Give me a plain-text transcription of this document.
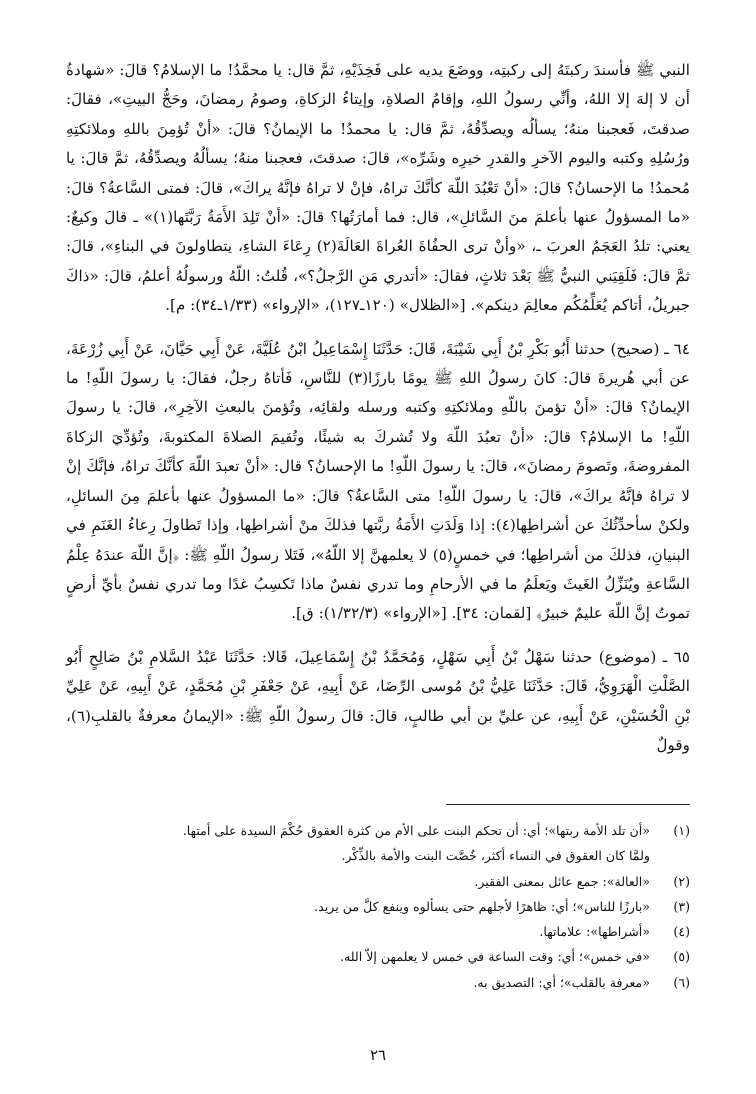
النبي ﷺ فأسندَ ركبتَهُ إلى ركبتِه، ووضَعَ يديه على فَخِذَيْهِ، ثمَّ قال: يا محمَّدُ! ما الإسلامُ؟ قالَ: «شهادةُ أن لا إلهَ إلا اللهُ، وأنِّي رسولُ اللهِ، وإقامُ الصلاةِ، وإيتاءُ الزكاةِ، وصومُ رمضانَ، وحَجُّ البيتِ»، فقالَ: صدقتَ، فَعجبنا منهُ؛ يسألُه ويصدِّقُهُ، ثمَّ قال: يا محمدُ! ما الإيمانُ؟ قالَ: «أنْ تُؤمِنَ باللهِ وملائكتِهِ ورُسُلِهِ وكتبه واليوم الآخرِ والقدرِ خيرِه وشَرِّه»، قالَ: صدقتَ، فعجبنا منهُ؛ يسألُهُ ويصدِّقُهُ، ثمَّ قالَ: يا مُحمدُ! ما الإحسانُ؟ قالَ: «أنْ تَعْبُدَ اللّهَ كأنَّكَ تراهُ، فإنْ لا تراهُ فإنَّهُ يراكَ»، قالَ: فمتى السَّاعةُ؟ قالَ: «ما المسؤولُ عنها بأعلمَ منَ السَّائلِ»، قال: فما أمارَتُها؟ قالَ: «أنْ تَلِدَ الأَمَةُ رَبَّتَها(١)» ـ قالَ وكيعٌ: يعني: تلدُ العَجَمُ العربَ ـ، «وأنْ ترى الحفُاةَ العُراةَ العَالَةَ(٢) رِعَاءَ الشاءِ، يتطاولونَ في البناءِ»، قالَ: ثمَّ قالَ: فَلَقِيَني النبيُّ ﷺ بَعْدَ ثلاثٍ، فقالَ: «أتدري مَنِ الرَّجلُ؟»، قُلتُ: اللّهُ ورسولُهُ أعلمُ، قالَ: «ذاكَ جبريلُ، أتاكم يُعَلِّمُكُم معالِمَ دينكم». [«الظلال» (١٢٠ـ١٢٧)، «الإرواء» (١/٣٣ـ٣٤): م].

٦٤ ـ (صحيح) حدثنا أَبُو بَكْرِ بْنُ أَبِي شَيْبَةَ، قَالَ: حَدَّثَنَا إِسْمَاعِيلُ ابْنُ عُلَيَّةَ، عَنْ أَبِي حَيَّانَ، عَنْ أَبِي زُرْعَةَ، عن أبي هُريرةَ قالَ: كانَ رسولُ اللهِ ﷺ يومًا بارزًا(٣) للنَّاسِ، فَأتاهُ رجلٌ، فقالَ: يا رسولَ اللّهِ! ما الإيمانُ؟ قالَ: «أنْ تؤمنَ باللّهِ وملائكتِهِ وكتبه ورسله ولقائِه، وتُؤمنَ بالبعثِ الآخِرِ»، قالَ: يا رسولَ اللّهِ! ما الإسلامُ؟ قالَ: «أنْ تعبُدَ اللّهَ ولا تُشركَ به شيئًا، وتُقيمَ الصلاةَ المكتوبةَ، وتُؤدِّيَ الزكاةَ المفروضةَ، وتَصومَ رمضانَ»، قالَ: يا رسولَ اللّهِ! ما الإحسانُ؟ قال: «أنْ تعبدَ اللّهَ كأنَّكَ تراهُ، فإنَّكَ إنْ لا تراهُ فإنَّهُ يراكَ»، قالَ: يا رسولَ اللّهِ! متى السَّاعةُ؟ قالَ: «ما المسؤولُ عنها بأعلمَ مِنَ السائلِ، ولكنْ سأحدِّثُكَ عن أشراطِها(٤): إذا وَلَدَتِ الأَمَةُ ربَّتها فذلكَ منْ أشراطِها، وإذا تَطاولَ رِعاءُ الغَنَمِ في البنيانِ، فذلكَ من أشراطِها؛ في خمسٍ(٥) لا يعلمهنَّ إلا اللّهُ»، فَتَلا رسولُ اللّهِ ﷺ: ﴿إنَّ اللّهَ عندَهُ عِلْمُ السَّاعةِ ويُنَزِّلُ الغَيثَ ويَعلَمُ ما في الأرحامِ وما تدري نفسٌ ماذا تَكسِبُ غدًا وما تدري نفسٌ بأيِّ أرضٍ تموتُ إنَّ اللّهَ عليمٌ خبيرٌ﴾ [لقمان: ٣٤]. [«الإرواء» (١/٣٢/٣): ق].

٦٥ ـ (موضوع) حدثنا سَهْلُ بْنُ أَبِي سَهْلٍ، وَمُحَمَّدُ بْنُ إِسْمَاعِيلَ، قَالا: حَدَّثَنَا عَبْدُ السَّلامِ بْنُ صَالِحٍ أَبُو الصَّلْتِ الْهَرَوِيُّ، قَالَ: حَدَّثَنَا عَلِيُّ بْنُ مُوسى الرِّضَا، عَنْ أَبِيهِ، عَنْ جَعْفَرِ بْنِ مُحَمَّدٍ، عَنْ أَبِيهِ، عَنْ عَلِيِّ بْنِ الْحُسَيْنِ، عَنْ أَبِيهِ، عن عليِّ بن أبي طالبٍ، قالَ: قالَ رسولُ اللّهِ ﷺ: «الإيمانُ معرفةٌ بالقلبِ(٦)، وقولٌ

(١)
«أن تلد الأمة ربتها»؛ أي: أن تحكم البنت على الأم من كثرة العقوق حُكْمَ السيدة على أمتها.
ولمَّا كان العقوق في النساء أكثر، خُصَّت البنت والأمة بالذِّكْر.
(٢)
«العالة»: جمع عائل بمعنى الفقير.
(٣)
«بارزًا للناس»؛ أي: ظاهرًا لأجلهم حتى يسألوه وينفع كلَّ من يريد.
(٤)
«أشراطها»: علاماتها.
(٥)
«في خمس»؛ أي: وقت الساعة في خمس لا يعلمهن إلاّ الله.
(٦)
«معرفة بالقلب»؛ أي: التصديق به.
٢٦
